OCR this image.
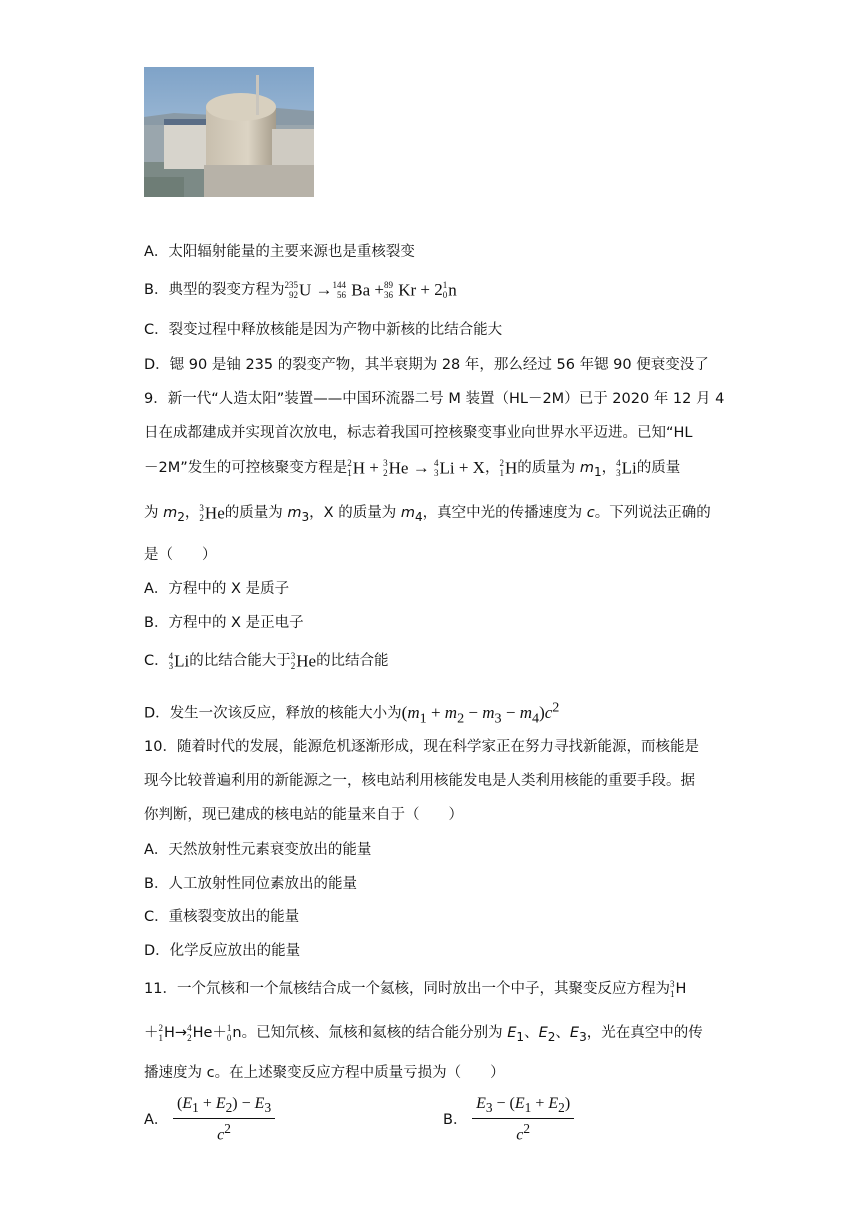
A．太阳辐射能量的主要来源也是重核裂变
B．典型的裂变方程为 235
92 U → 144
56 Ba + 89
36 Kr + 2 1
0 n
C．裂变过程中释放核能是因为产物中新核的比结合能大
D．锶 90 是铀 235 的裂变产物，其半衰期为 28 年，那么经过 56 年锶 90 便衰变没了
9．新一代“人造太阳”装置——中国环流器二号 M 装置（HL－2M）已于 2020 年 12 月 4
日在成都建成并实现首次放电，标志着我国可控核聚变事业向世界水平迈进。已知“HL
－2M”发生的可控核聚变方程是 2
1 H + 3
2 He → 4
3 Li + X， 2
1 H的质量为 $m_1$， 4
3 Li的质量
为 $m_2$， 3
2 He的质量为 $m_3$，X 的质量为 $m_4$，真空中光的传播速度为 c。下列说法正确的
是（　　）
A．方程中的 X 是质子
B．方程中的 X 是正电子
C． 4
3 Li的比结合能大于 3
2 He的比结合能
D．发生一次该反应，释放的核能大小为$(m_1 + m_2 - m_3 - m_4)c^2$
10．随着时代的发展，能源危机逐渐形成，现在科学家正在努力寻找新能源，而核能是
现今比较普遍利用的新能源之一，核电站利用核能发电是人类利用核能的重要手段。据
你判断，现已建成的核电站的能量来自于（　　）
A．天然放射性元素衰变放出的能量
B．人工放射性同位素放出的能量
C．重核裂变放出的能量
D．化学反应放出的能量
11．一个氘核和一个氚核结合成一个氦核，同时放出一个中子，其聚变反应方程为 3
1 H
＋ 2
1 H→ 4
2 He＋ 1
0 n。已知氘核、氚核和氦核的结合能分别为 $E_1$、$E_2$、$E_3$，光在真空中的传
播速度为 c。在上述聚变反应方程中质量亏损为（　　）
A． $\frac{(E_1 + E_2) - E_3}{c^2}$	B． $\frac{E_3 - (E_1 + E_2)}{c^2}$
